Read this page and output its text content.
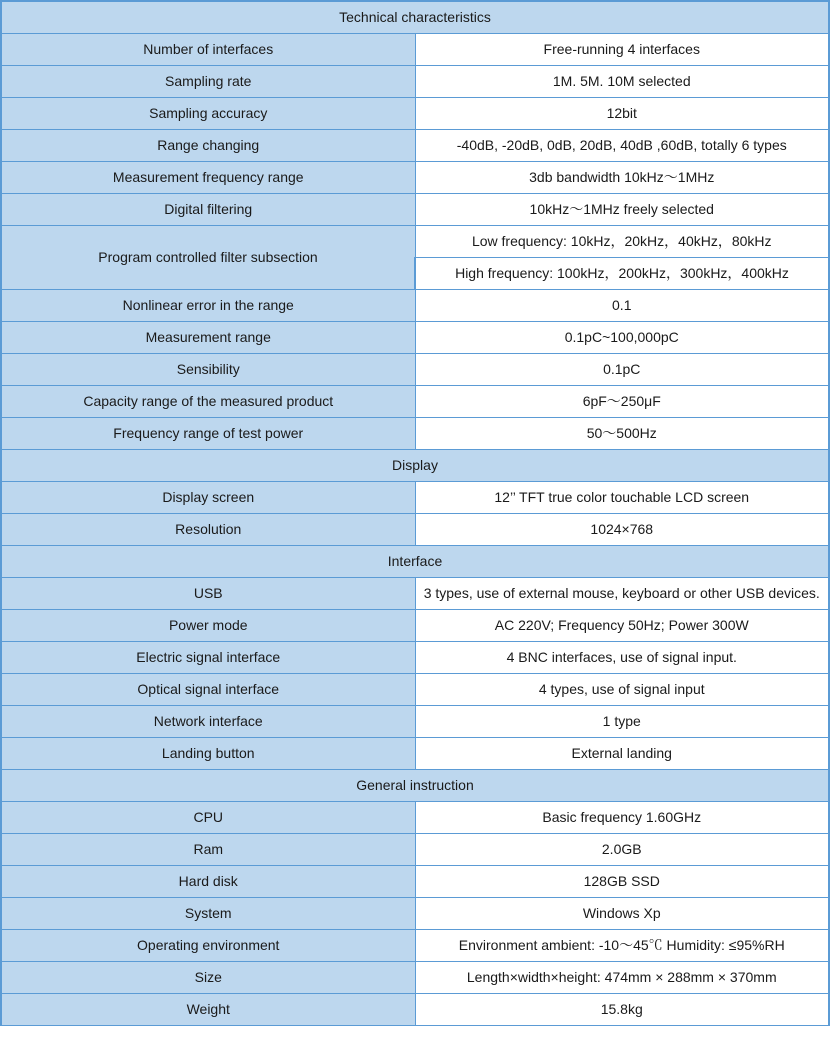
Technical characteristics	
Number of interfaces	Free-running 4 interfaces
Sampling rate	1M. 5M. 10M selected
Sampling accuracy	12bit
Range changing	-40dB, -20dB, 0dB, 20dB, 40dB ,60dB, totally 6 types
Measurement frequency range	3db bandwidth 10kHz～1MHz
Digital filtering	10kHz～1MHz freely selected
Program controlled filter subsection	Low frequency: 10kHz，20kHz，40kHz，80kHz
	High frequency: 100kHz，200kHz，300kHz，400kHz
Nonlinear error in the range	0.1
Measurement range	0.1pC~100,000pC
Sensibility	0.1pC
Capacity range of the measured product	6pF～250μF
Frequency range of test power	50～500Hz
Display	
Display screen	12’’ TFT true color touchable LCD screen
Resolution	1024×768
Interface	
USB	3 types, use of external mouse, keyboard or other USB devices.
Power mode	AC 220V; Frequency 50Hz; Power 300W
Electric signal interface	4 BNC interfaces, use of signal input.
Optical signal interface	4 types, use of signal input
Network interface	1 type
Landing button	External landing
General instruction	
CPU	Basic frequency 1.60GHz
Ram	2.0GB
Hard disk	128GB SSD
System	Windows Xp
Operating environment	Environment ambient: -10～45℃ Humidity: ≤95%RH
Size	Length×width×height: 474mm × 288mm × 370mm
Weight	15.8kg
